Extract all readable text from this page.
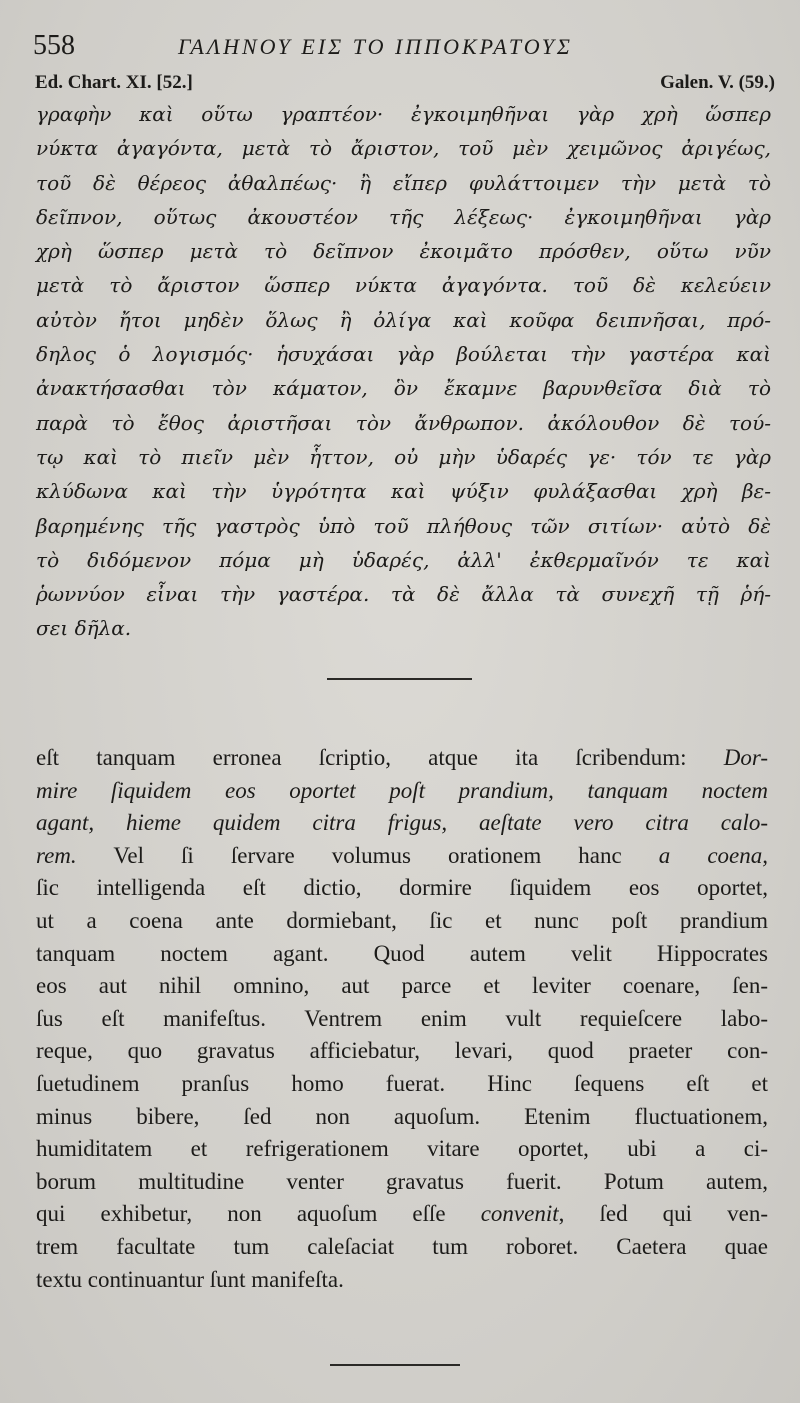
558	ΓΑΛΗΝΟΥ ΕΙΣ ΤΟ ΙΠΠΟΚΡΑΤΟΥΣ
Ed. Chart. XI. [52.]	Galen. V. (59.)
γραφὴν καὶ οὕτω γραπτέον· ἐγκοιμηθῆναι γὰρ χρὴ ὥσπερ
νύκτα ἀγαγόντα, μετὰ τὸ ἄριστον, τοῦ μὲν χειμῶνος ἀριγέως,
τοῦ δὲ θέρεος ἀθαλπέως· ἢ εἴπερ φυλάττοιμεν τὴν μετὰ τὸ
δεῖπνον, οὕτως ἀκουστέον τῆς λέξεως· ἐγκοιμηθῆναι γὰρ
χρὴ ὥσπερ μετὰ τὸ δεῖπνον ἐκοιμᾶτο πρόσθεν, οὕτω νῦν
μετὰ τὸ ἄριστον ὥσπερ νύκτα ἀγαγόντα. τοῦ δὲ κελεύειν
αὐτὸν ἤτοι μηδὲν ὅλως ἢ ὀλίγα καὶ κοῦφα δειπνῆσαι, πρό-
δηλος ὁ λογισμός· ἡσυχάσαι γὰρ βούλεται τὴν γαστέρα καὶ
ἀνακτήσασθαι τὸν κάματον, ὃν ἔκαμνε βαρυνθεῖσα διὰ τὸ
παρὰ τὸ ἔθος ἀριστῆσαι τὸν ἄνθρωπον. ἀκόλουθον δὲ τού-
τῳ καὶ τὸ πιεῖν μὲν ἧττον, οὐ μὴν ὑδαρές γε· τόν τε γὰρ
κλύδωνα καὶ τὴν ὑγρότητα καὶ ψύξιν φυλάξασθαι χρὴ βε-
βαρημένης τῆς γαστρὸς ὑπὸ τοῦ πλήθους τῶν σιτίων· αὐτὸ δὲ
τὸ διδόμενον πόμα μὴ ὑδαρές, ἀλλ' ἐκθερμαῖνόν τε καὶ
ῥωννύον εἶναι τὴν γαστέρα. τὰ δὲ ἄλλα τὰ συνεχῆ τῇ ῥή-
σει δῆλα.
eſt tanquam erronea ſcriptio, atque ita ſcribendum: Dor-
mire ſiquidem eos oportet poſt prandium, tanquam noctem
agant, hieme quidem citra frigus, aeſtate vero citra calo-
rem. Vel ſi ſervare volumus orationem hanc a coena,
ſic intelligenda eſt dictio, dormire ſiquidem eos oportet,
ut a coena ante dormiebant, ſic et nunc poſt prandium
tanquam noctem agant. Quod autem velit Hippocrates
eos aut nihil omnino, aut parce et leviter coenare, ſen-
ſus eſt manifeſtus. Ventrem enim vult requieſcere labo-
reque, quo gravatus afficiebatur, levari, quod praeter con-
ſuetudinem pranſus homo fuerat. Hinc ſequens eſt et
minus bibere, ſed non aquoſum. Etenim fluctuationem,
humiditatem et refrigerationem vitare oportet, ubi a ci-
borum multitudine venter gravatus fuerit. Potum autem,
qui exhibetur, non aquoſum eſſe convenit, ſed qui ven-
trem facultate tum caleſaciat tum roboret. Caetera quae
textu continuantur ſunt manifeſta.
